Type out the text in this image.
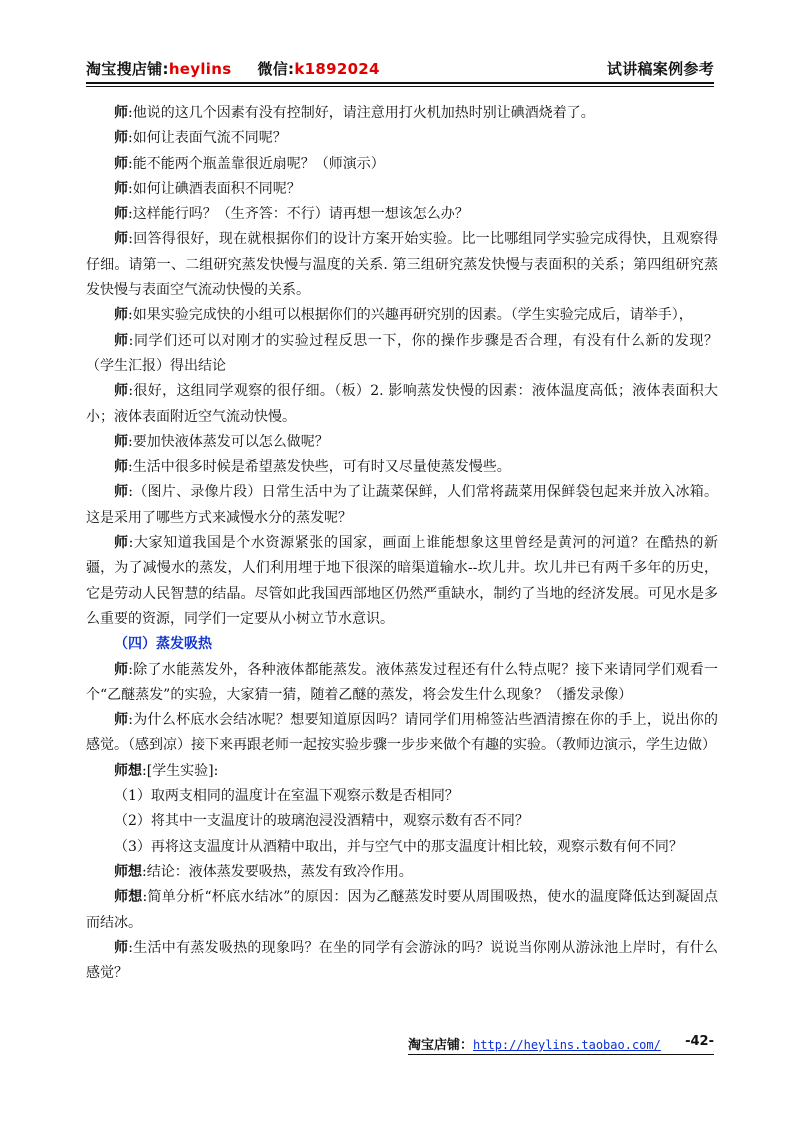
淘宝搜店铺:heylins 微信:k1892024	试讲稿案例参考

师:他说的这几个因素有没有控制好，请注意用打火机加热时别让碘酒烧着了。

师:如何让表面气流不同呢？

师:能不能两个瓶盖靠很近扇呢？（师演示）

师:如何让碘酒表面积不同呢？

师:这样能行吗？（生齐答：不行）请再想一想该怎么办？

师:回答得很好，现在就根据你们的设计方案开始实验。比一比哪组同学实验完成得快，且观察得仔细。请第一、二组研究蒸发快慢与温度的关系. 第三组研究蒸发快慢与表面积的关系；第四组研究蒸发快慢与表面空气流动快慢的关系。

师:如果实验完成快的小组可以根据你们的兴趣再研究别的因素。（学生实验完成后，请举手），

师:同学们还可以对刚才的实验过程反思一下，你的操作步骤是否合理，有没有什么新的发现？（学生汇报）得出结论

师:很好，这组同学观察的很仔细。（板）2. 影响蒸发快慢的因素：液体温度高低；液体表面积大小；液体表面附近空气流动快慢。

师:要加快液体蒸发可以怎么做呢？

师:生活中很多时候是希望蒸发快些，可有时又尽量使蒸发慢些。

师:（图片、录像片段）日常生活中为了让蔬菜保鲜，人们常将蔬菜用保鲜袋包起来并放入冰箱。这是采用了哪些方式来减慢水分的蒸发呢？

师:大家知道我国是个水资源紧张的国家，画面上谁能想象这里曾经是黄河的河道？在酷热的新疆，为了减慢水的蒸发，人们利用埋于地下很深的暗渠道输水--坎儿井。坎儿井已有两千多年的历史，它是劳动人民智慧的结晶。尽管如此我国西部地区仍然严重缺水，制约了当地的经济发展。可见水是多么重要的资源，同学们一定要从小树立节水意识。

（四）蒸发吸热

师:除了水能蒸发外，各种液体都能蒸发。液体蒸发过程还有什么特点呢？接下来请同学们观看一个“乙醚蒸发”的实验，大家猜一猜，随着乙醚的蒸发，将会发生什么现象？（播发录像）

师:为什么杯底水会结冰呢？想要知道原因吗？请同学们用棉签沾些酒清擦在你的手上，说出你的感觉。（感到凉）接下来再跟老师一起按实验步骤一步步来做个有趣的实验。（教师边演示，学生边做）

师想:[学生实验]:

（1）取两支相同的温度计在室温下观察示数是否相同？

（2）将其中一支温度计的玻璃泡浸没酒精中，观察示数有否不同？

（3）再将这支温度计从酒精中取出，并与空气中的那支温度计相比较，观察示数有何不同？

师想:结论：液体蒸发要吸热，蒸发有致冷作用。

师想:简单分析“杯底水结冰”的原因：因为乙醚蒸发时要从周围吸热，使水的温度降低达到凝固点而结冰。

师:生活中有蒸发吸热的现象吗？在坐的同学有会游泳的吗？说说当你刚从游泳池上岸时，有什么感觉？

淘宝店铺：http://heylins.taobao.com/ -42-
